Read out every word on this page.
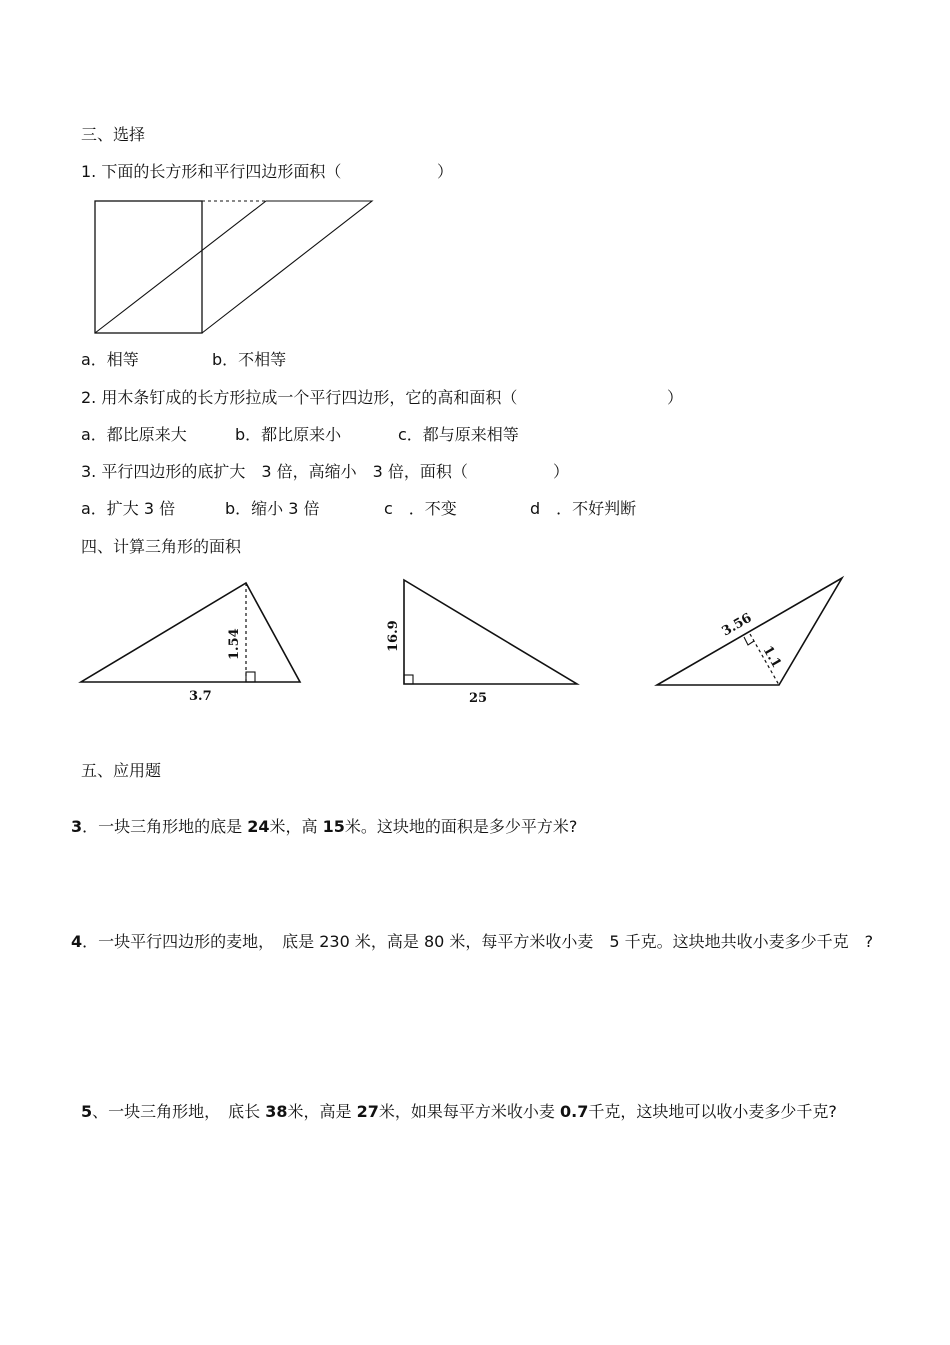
三、选择
1. 下面的长方形和平行四边形面积（	）
a．相等	b．不相等
2. 用木条钉成的长方形拉成一个平行四边形，它的高和面积（	）
a．都比原来大	b．都比原来小	c．都与原来相等
3. 平行四边形的底扩大　3 倍，高缩小　3 倍，面积（	）
a．扩大 3 倍	b．缩小 3 倍	c　．不变	d　．不好判断
四、计算三角形的面积
1.54
3.7
16.9
25
3.56
1.1
五、应用题
3．一块三角形地的底是 24米，高 15米。这块地的面积是多少平方米?
4．一块平行四边形的麦地，　底是 230 米，高是 80 米，每平方米收小麦　5 千克。这块地共收小麦多少千克　?
5、一块三角形地，　底长 38米，高是 27米，如果每平方米收小麦 0.7千克，这块地可以收小麦多少千克?
